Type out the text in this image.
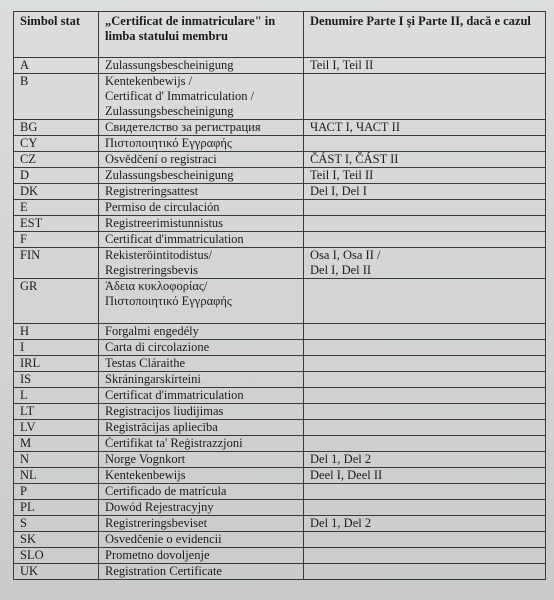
Simbol stat	„Certificat de inmatriculare" in limba statului membru	Denumire Parte I şi Parte II, dacă e cazul
A	Zulassungsbescheinigung	Teil I, Teil II

B	Kentekenbewijs /
Certificat d' Immatriculation /
Zulassungsbescheinigung	

BG	Свидетелство за регистрация	ЧАСТ I, ЧАСТ II

CY	Πιστοποιητικό Εγγραφής	

CZ	Osvědčení o registraci	ČÁST I, ČÁST II

D	Zulassungsbescheinigung	Teil I, Teil II

DK	Registreringsattest	Del I, Del I

E	Permiso de circulación	

EST	Registreerimistunnistus	

F	Certificat d'immatriculation	

FIN	Rekisteröintitodistus/
Registreringsbevis	Osa I, Osa II /
Del I, Del II

GR	Άδεια κυκλοφορίας/
Πιστοποιητικό Εγγραφής	

H	Forgalmi engedély	

I	Carta di circolazione	

IRL	Testas Cláraithe	

IS	Skráningarskírteini	

L	Certificat d'immatriculation	

LT	Registracijos liudijimas	

LV	Registrācijas apliecība	

M	Ċertifikat ta' Reġistrazzjoni	

N	Norge Vognkort	Del 1, Del 2

NL	Kentekenbewijs	Deel I, Deel II

P	Certificado de matrícula	

PL	Dowód Rejestracyjny	

S	Registreringsbeviset	Del 1, Del 2

SK	Osvedčenie o evidencii	

SLO	Prometno dovoljenje	

UK	Registration Certificate	
